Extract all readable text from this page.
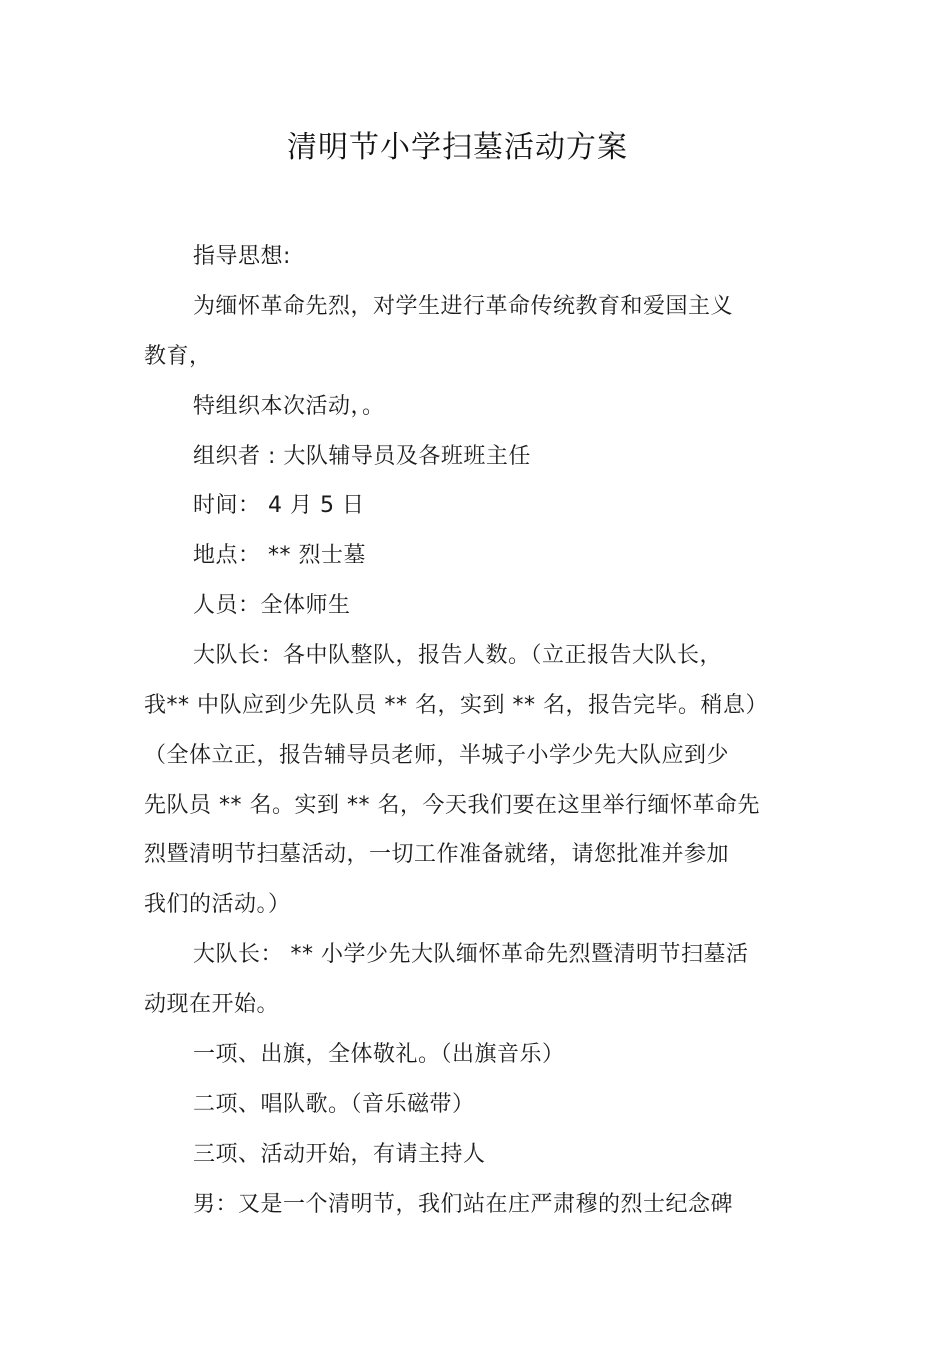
清明节小学扫墓活动方案
指导思想:
为缅怀革命先烈，对学生进行革命传统教育和爱国主义
教育，
特组织本次活动，。
组织者 : 大队辅导员及各班班主任
时间： 4 月 5 日
地点： ** 烈士墓
人员：全体师生
大队长：各中队整队，报告人数。（立正报告大队长，
我** 中队应到少先队员 ** 名，实到 ** 名，报告完毕。稍息）
（全体立正，报告辅导员老师，半城子小学少先大队应到少
先队员 ** 名。实到 ** 名，今天我们要在这里举行缅怀革命先
烈暨清明节扫墓活动，一切工作准备就绪，请您批准并参加
我们的活动。）
大队长： ** 小学少先大队缅怀革命先烈暨清明节扫墓活
动现在开始。
一项、出旗，全体敬礼。（出旗音乐）
二项、唱队歌。（音乐磁带）
三项、活动开始，有请主持人
男：又是一个清明节，我们站在庄严肃穆的烈士纪念碑
